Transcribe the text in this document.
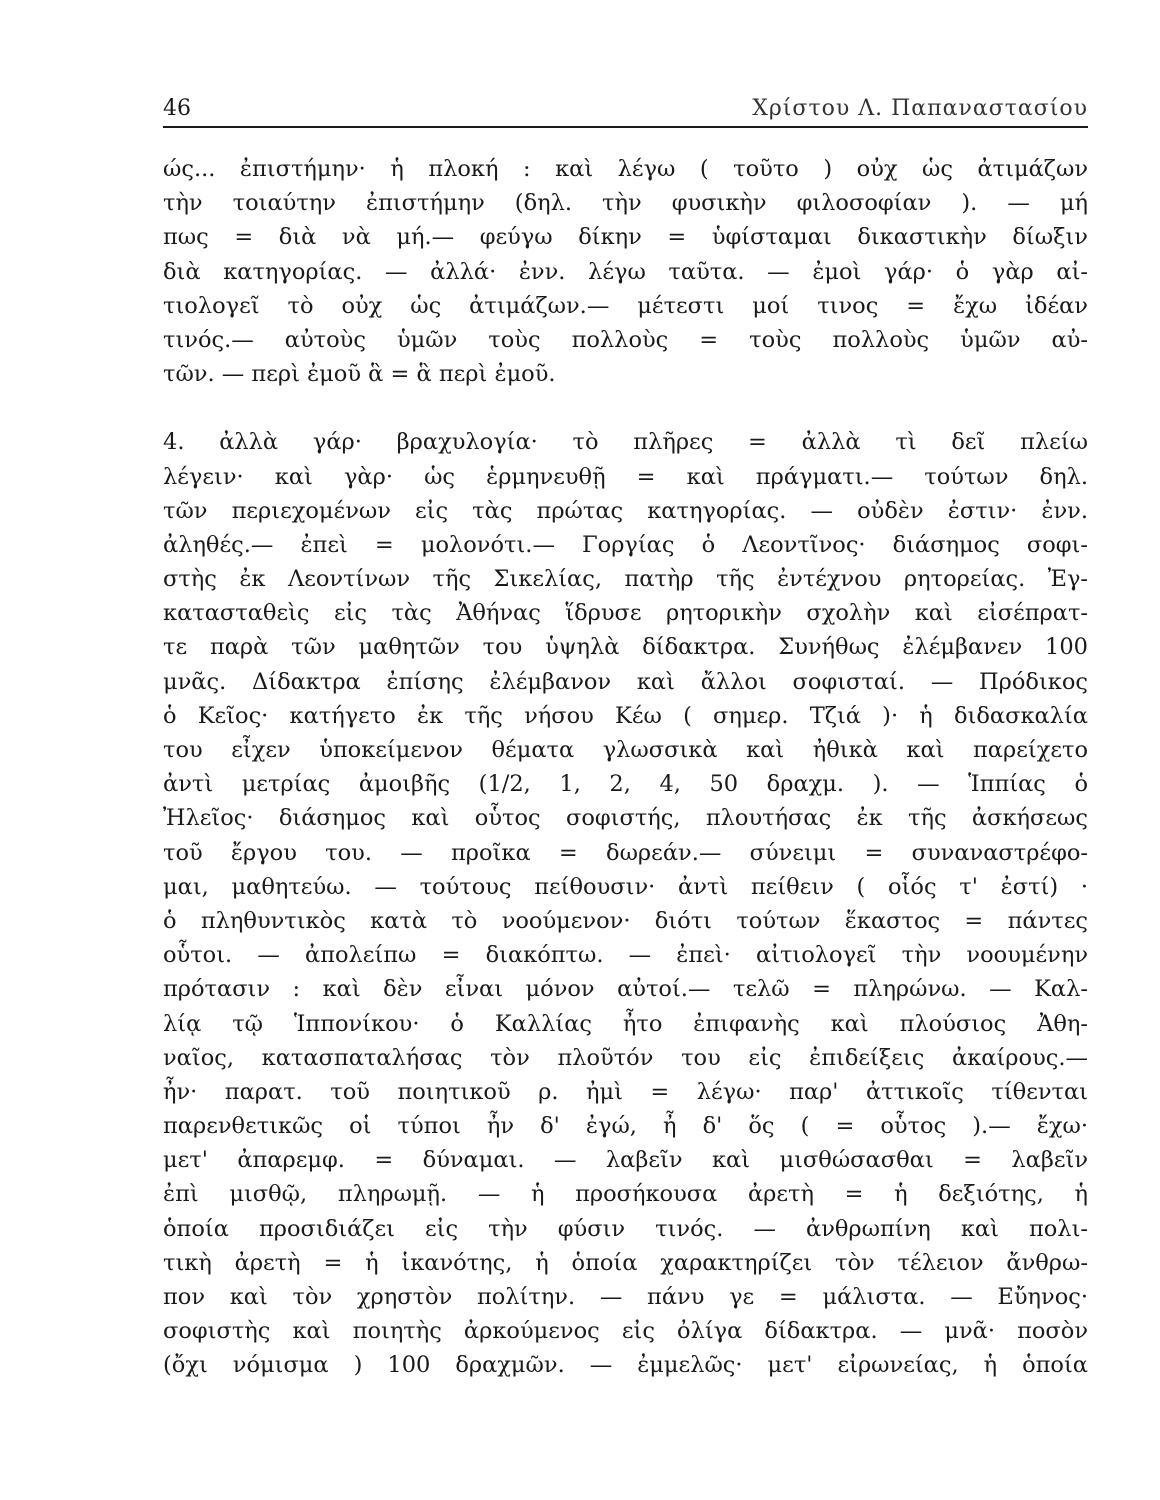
46	Χρίστου Λ. Παπαναστασίου
ώς... ἐπιστήμην· ἡ πλοκή : καὶ λέγω ( τοῦτο ) οὐχ ὡς ἀτιμάζων
τὴν τοιαύτην ἐπιστήμην (δηλ. τὴν φυσικὴν φιλοσοφίαν ). — μή
πως = διὰ νὰ μή.— φεύγω δίκην = ὑφίσταμαι δικαστικὴν δίωξιν
διὰ κατηγορίας. — ἀλλά· ἐνν. λέγω ταῦτα. — ἐμοὶ γάρ· ὁ γὰρ αἰ-
τιολογεῖ τὸ οὐχ ὡς ἀτιμάζων.— μέτεστι μοί τινος = ἔχω ἰδέαν
τινός.— αὐτοὺς ὑμῶν τοὺς πολλοὺς = τοὺς πολλοὺς ὑμῶν αὐ-
τῶν. — περὶ ἐμοῦ ἃ = ἃ περὶ ἐμοῦ.
4. ἀλλὰ γάρ· βραχυλογία· τὸ πλῆρες = ἀλλὰ τὶ δεῖ πλείω
λέγειν· καὶ γὰρ· ὡς ἑρμηνευθῇ = καὶ πράγματι.— τούτων δηλ.
τῶν περιεχομένων εἰς τὰς πρώτας κατηγορίας. — οὐδὲν ἐστιν· ἐνν.
ἀληθές.— ἐπεὶ = μολονότι.— Γοργίας ὁ Λεοντῖνος· διάσημος σοφι-
στὴς ἐκ Λεοντίνων τῆς Σικελίας, πατὴρ τῆς ἐντέχνου ρητορείας. Ἐγ-
κατασταθεὶς εἰς τὰς Ἀθήνας ἵδρυσε ρητορικὴν σχολὴν καὶ εἰσέπρατ-
τε παρὰ τῶν μαθητῶν του ὑψηλὰ δίδακτρα. Συνήθως ἐλέμβανεν 100
μνᾶς. Δίδακτρα ἐπίσης ἐλέμβανον καὶ ἄλλοι σοφισταί. — Πρόδικος
ὁ Κεῖος· κατήγετο ἐκ τῆς νήσου Κέω ( σημερ. Τζιά )· ἡ διδασκαλία
του εἶχεν ὑποκείμενον θέματα γλωσσικὰ καὶ ἠθικὰ καὶ παρείχετο
ἀντὶ μετρίας ἀμοιβῆς (1/2, 1, 2, 4, 50 δραχμ. ). — Ἱππίας ὁ
Ἠλεῖος· διάσημος καὶ οὗτος σοφιστής, πλουτήσας ἐκ τῆς ἀσκήσεως
τοῦ ἔργου του. — προῖκα = δωρεάν.— σύνειμι = συναναστρέφο-
μαι, μαθητεύω. — τούτους πείθουσιν· ἀντὶ πείθειν ( οἷός τ' ἐστί) ·
ὁ πληθυντικὸς κατὰ τὸ νοούμενον· διότι τούτων ἕκαστος = πάντες
οὗτοι. — ἀπολείπω = διακόπτω. — ἐπεὶ· αἰτιολογεῖ τὴν νοουμένην
πρότασιν : καὶ δὲν εἶναι μόνον αὐτοί.— τελῶ = πληρώνω. — Καλ-
λίᾳ τῷ Ἱππονίκου· ὁ Καλλίας ἦτο ἐπιφανὴς καὶ πλούσιος Ἀθη-
ναῖος, κατασπαταλήσας τὸν πλοῦτόν του εἰς ἐπιδείξεις ἀκαίρους.—
ἦν· παρατ. τοῦ ποιητικοῦ ρ. ἠμὶ = λέγω· παρ' ἀττικοῖς τίθενται
παρενθετικῶς οἱ τύποι ἦν δ' ἐγώ, ἦ δ' ὅς ( = οὗτος ).— ἔχω·
μετ' ἀπαρεμφ. = δύναμαι. — λαβεῖν καὶ μισθώσασθαι = λαβεῖν
ἐπὶ μισθῷ, πληρωμῇ. — ἡ προσήκουσα ἀρετὴ = ἡ δεξιότης, ἡ
ὁποία προσιδιάζει εἰς τὴν φύσιν τινός. — ἀνθρωπίνη καὶ πολι-
τικὴ ἀρετὴ = ἡ ἱκανότης, ἡ ὁποία χαρακτηρίζει τὸν τέλειον ἄνθρω-
πον καὶ τὸν χρηστὸν πολίτην. — πάνυ γε = μάλιστα. — Εὔηνος·
σοφιστὴς καὶ ποιητὴς ἀρκούμενος εἰς ὀλίγα δίδακτρα. — μνᾶ· ποσὸν
(ὄχι νόμισμα ) 100 δραχμῶν. — ἐμμελῶς· μετ' εἰρωνείας, ἡ ὁποία
